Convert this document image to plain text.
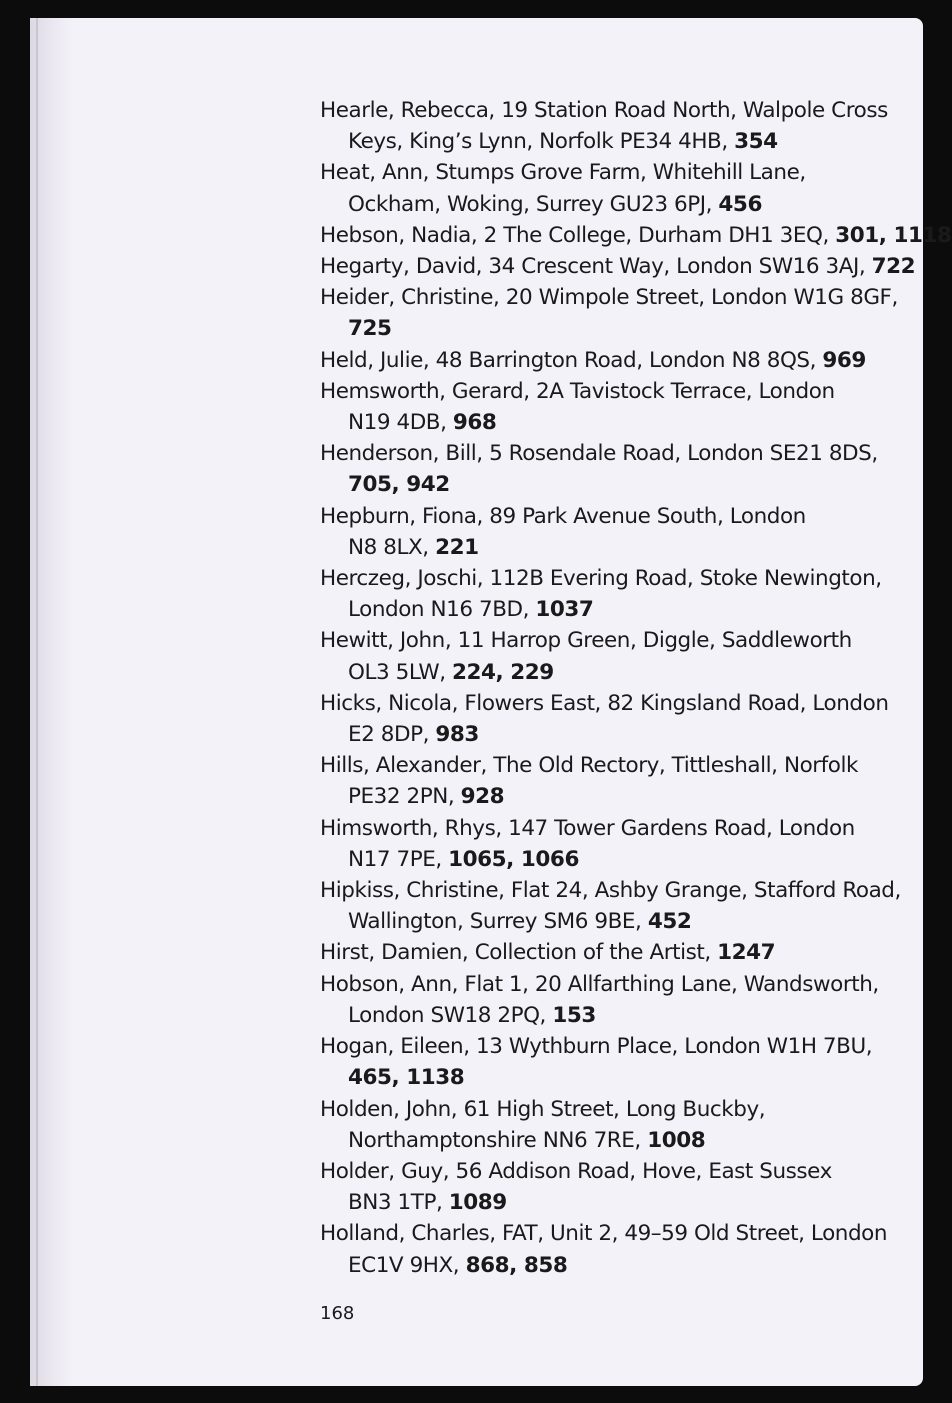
Hearle, Rebecca, 19 Station Road North, Walpole Cross
Keys, King’s Lynn, Norfolk PE34 4HB, 354
Heat, Ann, Stumps Grove Farm, Whitehill Lane,
Ockham, Woking, Surrey GU23 6PJ, 456
Hebson, Nadia, 2 The College, Durham DH1 3EQ, 301, 1118
Hegarty, David, 34 Crescent Way, London SW16 3AJ, 722
Heider, Christine, 20 Wimpole Street, London W1G 8GF,
725
Held, Julie, 48 Barrington Road, London N8 8QS, 969
Hemsworth, Gerard, 2A Tavistock Terrace, London
N19 4DB, 968
Henderson, Bill, 5 Rosendale Road, London SE21 8DS,
705, 942
Hepburn, Fiona, 89 Park Avenue South, London
N8 8LX, 221
Herczeg, Joschi, 112B Evering Road, Stoke Newington,
London N16 7BD, 1037
Hewitt, John, 11 Harrop Green, Diggle, Saddleworth
OL3 5LW, 224, 229
Hicks, Nicola, Flowers East, 82 Kingsland Road, London
E2 8DP, 983
Hills, Alexander, The Old Rectory, Tittleshall, Norfolk
PE32 2PN, 928
Himsworth, Rhys, 147 Tower Gardens Road, London
N17 7PE, 1065, 1066
Hipkiss, Christine, Flat 24, Ashby Grange, Stafford Road,
Wallington, Surrey SM6 9BE, 452
Hirst, Damien, Collection of the Artist, 1247
Hobson, Ann, Flat 1, 20 Allfarthing Lane, Wandsworth,
London SW18 2PQ, 153
Hogan, Eileen, 13 Wythburn Place, London W1H 7BU,
465, 1138
Holden, John, 61 High Street, Long Buckby,
Northamptonshire NN6 7RE, 1008
Holder, Guy, 56 Addison Road, Hove, East Sussex
BN3 1TP, 1089
Holland, Charles, FAT, Unit 2, 49–59 Old Street, London
EC1V 9HX, 868, 858
168
